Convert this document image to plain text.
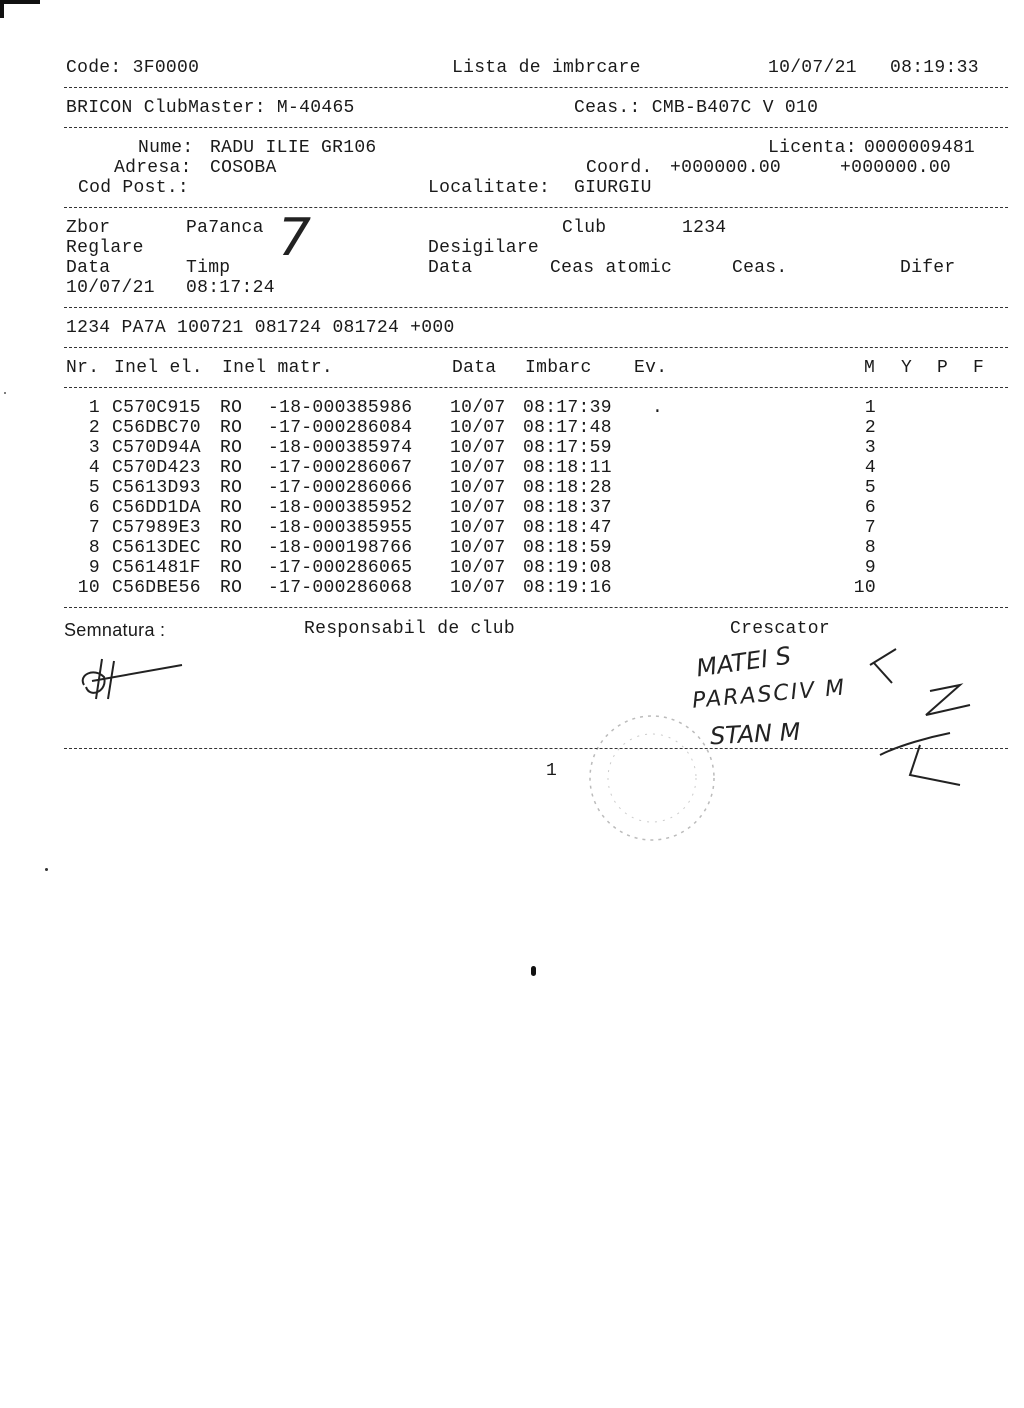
Code: 3F0000	Lista de imbrcare	10/07/21 08:19:33
BRICON ClubMaster: M-40465	Ceas.: CMB-B407C V 010
Nume: RADU ILIE GR106	Licenta: 0000009481
Adresa: COSOBA	Coord. +000000.00	+000000.00
Cod Post.:	Localitate: GIURGIU
Zbor	Pa7anca	Club	1234
7
Reglare	Desigilare
Data	Timp	Data	Ceas atomic	Ceas.	Difer
10/07/21 08:17:24
1234 PA7A 100721 081724 081724 +000
Nr. Inel el. Inel matr.	Data Imbarc Ev.	M Y P F
1 C570C915 RO -18-000385986 10/07 08:17:39 .	1
2 C56DBC70 RO -17-000286084 10/07 08:17:48	2
3 C570D94A RO -18-000385974 10/07 08:17:59	3
4 C570D423 RO -17-000286067 10/07 08:18:11	4
5 C5613D93 RO -17-000286066 10/07 08:18:28	5
6 C56DD1DA RO -18-000385952 10/07 08:18:37	6
7 C57989E3 RO -18-000385955 10/07 08:18:47	7
8 C5613DEC RO -18-000198766 10/07 08:18:59	8
9 C561481F RO -17-000286065 10/07 08:19:08	9
10 C56DBE56 RO -17-000286068 10/07 08:19:16	10
Semnatura :	Responsabil de club	Crescator
MATEI S
PARASCIV M
STAN M
1
